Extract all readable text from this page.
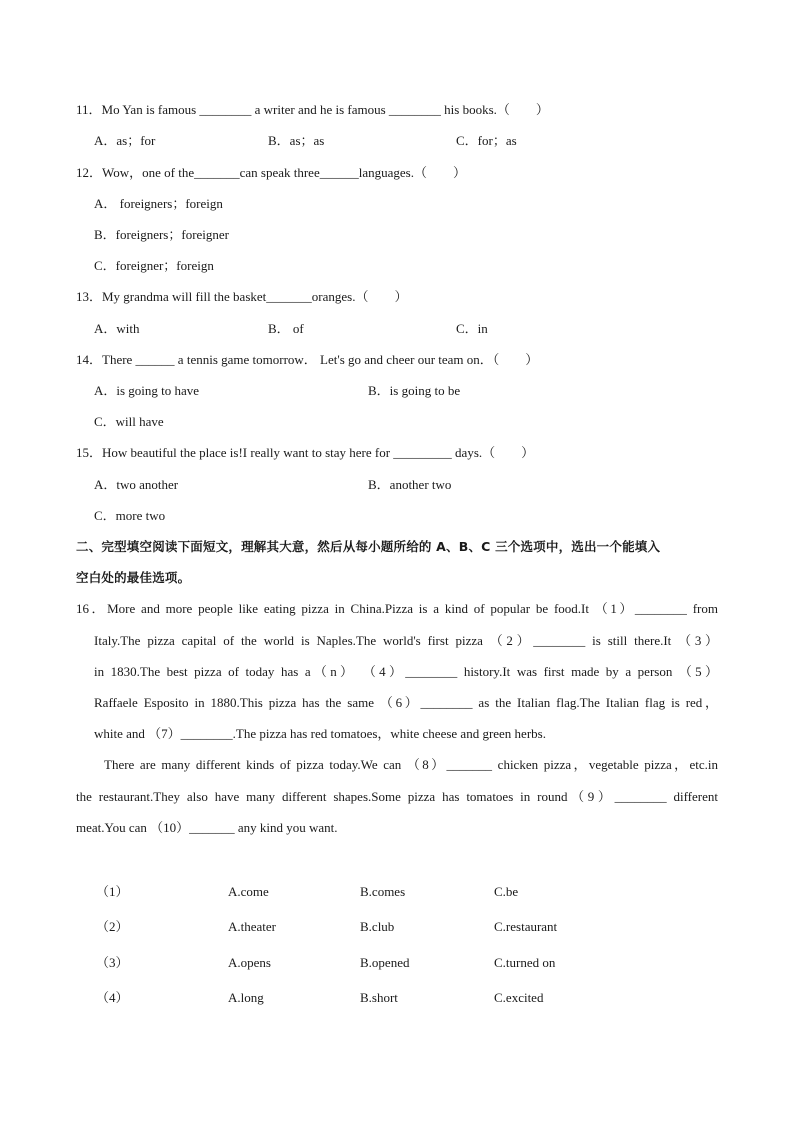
11．Mo Yan is famous ________ a writer and he is famous ________ his books.（　　）
A．as；for	B．as；as	C．for；as
12．Wow，one of the_______can speak three______languages.（　　）
A． foreigners；foreign
B．foreigners；foreigner
C．foreigner；foreign
13．My grandma will fill the basket_______oranges.（　　）
A．with	B． of	C．in
14．There ______ a tennis game tomorrow． Let's go and cheer our team on．（　　）
A．is going to have	B．is going to be
C．will have
15．How beautiful the place is!I really want to stay here for _________ days.（　　）
A．two another	B．another two
C．more two
二、完型填空阅读下面短文，理解其大意，然后从每小题所给的 A、B、C 三个选项中，选出一个能填入
空白处的最佳选项。
16．More and more people like eating pizza in China.Pizza is a kind of popular be food.It （1）________ from
Italy.The pizza capital of the world is Naples.The world's first pizza （2）________ is still there.It （3）
in 1830.The best pizza of today has a（n） （4）________ history.It was first made by a person （5）
Raffaele Esposito in 1880.This pizza has the same （6）________ as the Italian flag.The Italian flag is red，
white and （7）________.The pizza has red tomatoes，white cheese and green herbs.
There are many different kinds of pizza today.We can （8）_______ chicken pizza，vegetable pizza，etc.in
the restaurant.They also have many different shapes.Some pizza has tomatoes in round（9）________ different
meat.You can （10）_______ any kind you want.
（1）	A.come	B.comes	C.be
（2）	A.theater	B.club	C.restaurant
（3）	A.opens	B.opened	C.turned on
（4）	A.long	B.short	C.excited
